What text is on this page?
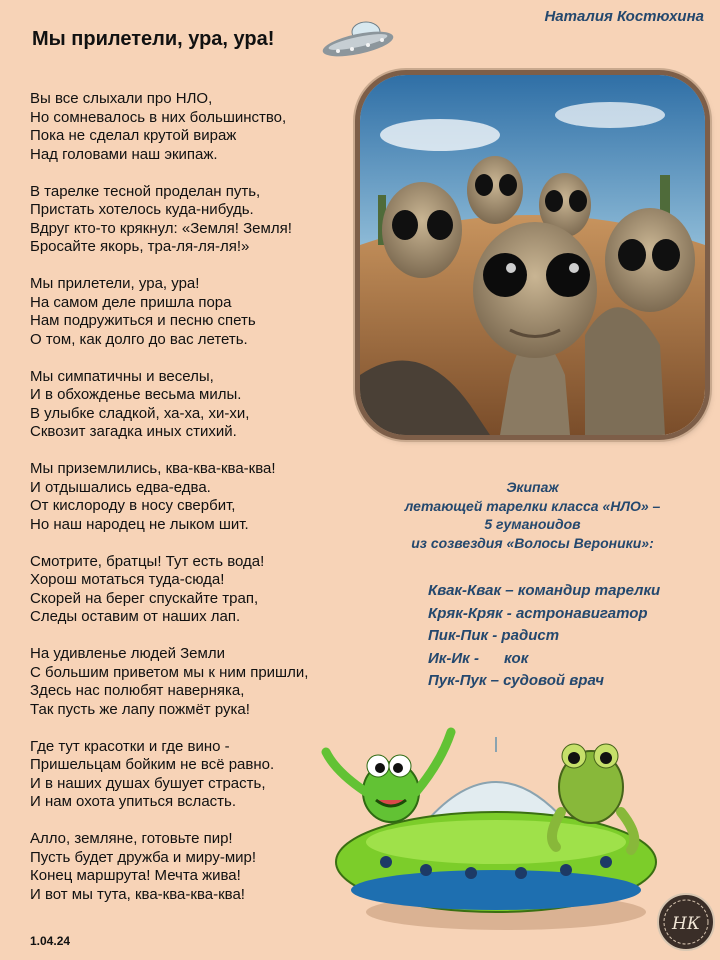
Мы прилетели, ура, ура!
Наталия Костюхина
Вы все слыхали про НЛО,
Но сомневалось в них большинство,
Пока не сделал крутой вираж
Над головами наш экипаж.
В тарелке тесной проделан путь,
Пристать хотелось куда-нибудь.
Вдруг кто-то крякнул: «Земля! Земля!
Бросайте якорь, тра-ля-ля-ля!»
Мы прилетели, ура, ура!
На самом деле пришла пора
Нам подружиться и песню спеть
О том, как долго до вас лететь.
Мы симпатичны и веселы,
И в обхожденье весьма милы.
В улыбке сладкой, ха-ха, хи-хи,
Сквозит загадка иных стихий.
Мы приземлились, ква-ква-ква-ква!
И отдышались едва-едва.
От кислороду в носу свербит,
Но наш народец не лыком шит.
Смотрите, братцы! Тут есть вода!
Хорош мотаться туда-сюда!
Скорей на берег спускайте трап,
Следы оставим от наших лап.
На удивленье людей Земли
С большим приветом мы к ним пришли,
Здесь нас полюбят наверняка,
Так пусть же лапу пожмёт рука!
Где тут красотки и где вино -
Пришельцам бойким не всё равно.
И в наших душах бушует страсть,
И нам охота упиться всласть.
Алло, земляне, готовьте пир!
Пусть будет дружба и миру-мир!
Конец маршрута! Мечта жива!
И вот мы тута, ква-ква-ква-ква!
Экипаж
летающей тарелки класса «НЛО» –
5 гуманоидов
из созвездия «Волосы Вероники»:
Квак-Квак – командир тарелки
Кряк-Кряк - астронавигатор
Пик-Пик - радист
Ик-Ик -      кок
Пук-Пук – судовой врач
НК
1.04.24
